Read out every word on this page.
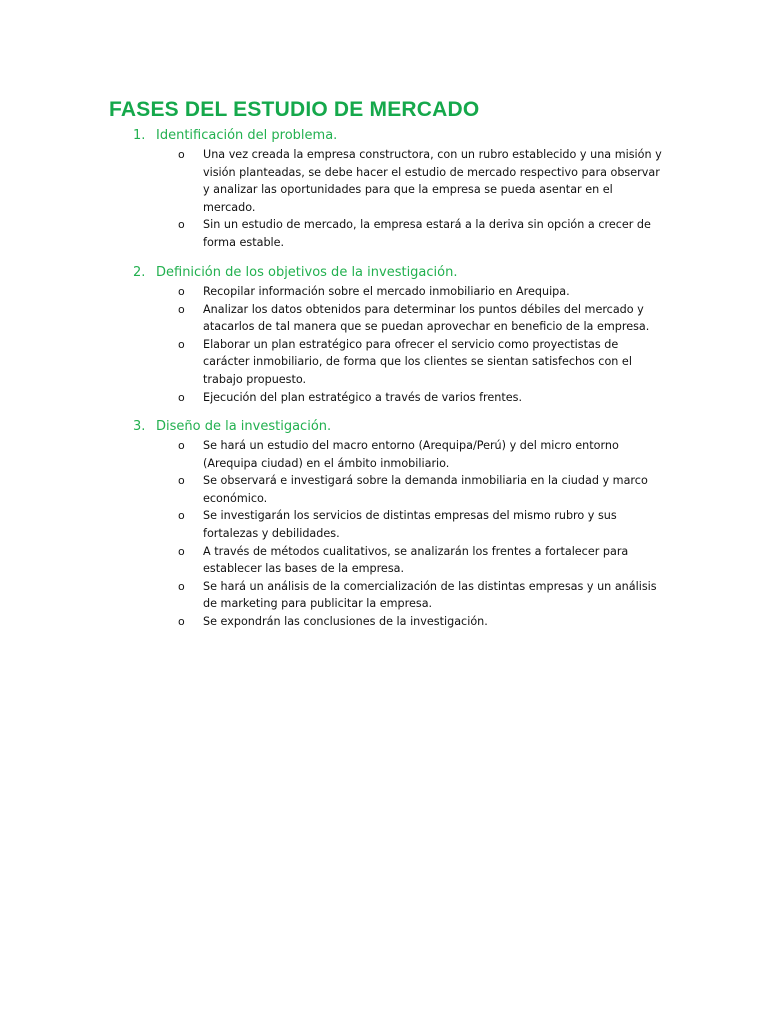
FASES DEL ESTUDIO DE MERCADO
1. Identificación del problema.
o Una vez creada la empresa constructora, con un rubro establecido y una misión y visión planteadas, se debe hacer el estudio de mercado respectivo para observar y analizar las oportunidades para que la empresa se pueda asentar en el mercado.
o Sin un estudio de mercado, la empresa estará a la deriva sin opción a crecer de forma estable.
2. Definición de los objetivos de la investigación.
o Recopilar información sobre el mercado inmobiliario en Arequipa.
o Analizar los datos obtenidos para determinar los puntos débiles del mercado y atacarlos de tal manera que se puedan aprovechar en beneficio de la empresa.
o Elaborar un plan estratégico para ofrecer el servicio como proyectistas de carácter inmobiliario, de forma que los clientes se sientan satisfechos con el trabajo propuesto.
o Ejecución del plan estratégico a través de varios frentes.
3. Diseño de la investigación.
o Se hará un estudio del macro entorno (Arequipa/Perú) y del micro entorno (Arequipa ciudad) en el ámbito inmobiliario.
o Se observará e investigará sobre la demanda inmobiliaria en la ciudad y marco económico.
o Se investigarán los servicios de distintas empresas del mismo rubro y sus fortalezas y debilidades.
o A través de métodos cualitativos, se analizarán los frentes a fortalecer para establecer las bases de la empresa.
o Se hará un análisis de la comercialización de las distintas empresas y un análisis de marketing para publicitar la empresa.
o Se expondrán las conclusiones de la investigación.
